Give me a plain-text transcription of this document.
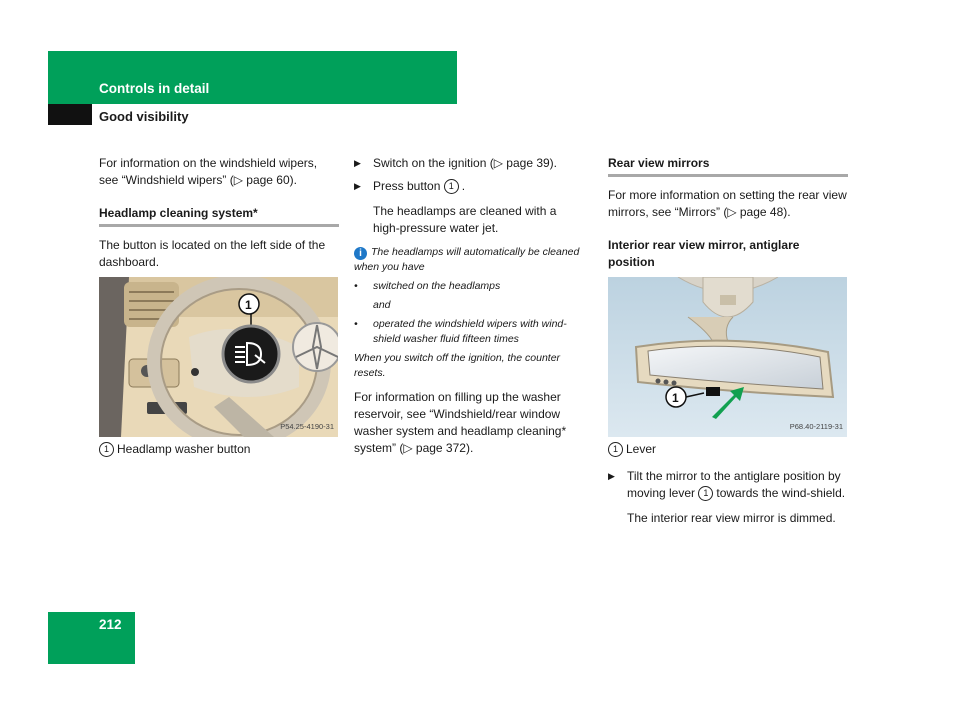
Controls in detail
Good visibility

For information on the windshield wipers, see “Windshield wipers” (▷ page 60).

Headlamp cleaning system*

The button is located on the left side of the dashboard.

1
P54.25-4190-31

1 Headlamp washer button

▶ Switch on the ignition (▷ page 39).
▶ Press button 1 .

The headlamps are cleaned with a high-pressure water jet.

i The headlamps will automatically be cleaned when you have

• switched on the headlamps

and

• operated the windshield wipers with wind-shield washer fluid fifteen times

When you switch off the ignition, the counter resets.

For information on filling up the washer reservoir, see “Windshield/rear window washer system and headlamp cleaning* system” (▷ page 372).

Rear view mirrors

For more information on setting the rear view mirrors, see “Mirrors” (▷ page 48).

Interior rear view mirror, antiglare position
1
P68.40-2119-31

1 Lever

▶ Tilt the mirror to the antiglare position by moving lever 1 towards the wind-shield.

The interior rear view mirror is dimmed.

212
